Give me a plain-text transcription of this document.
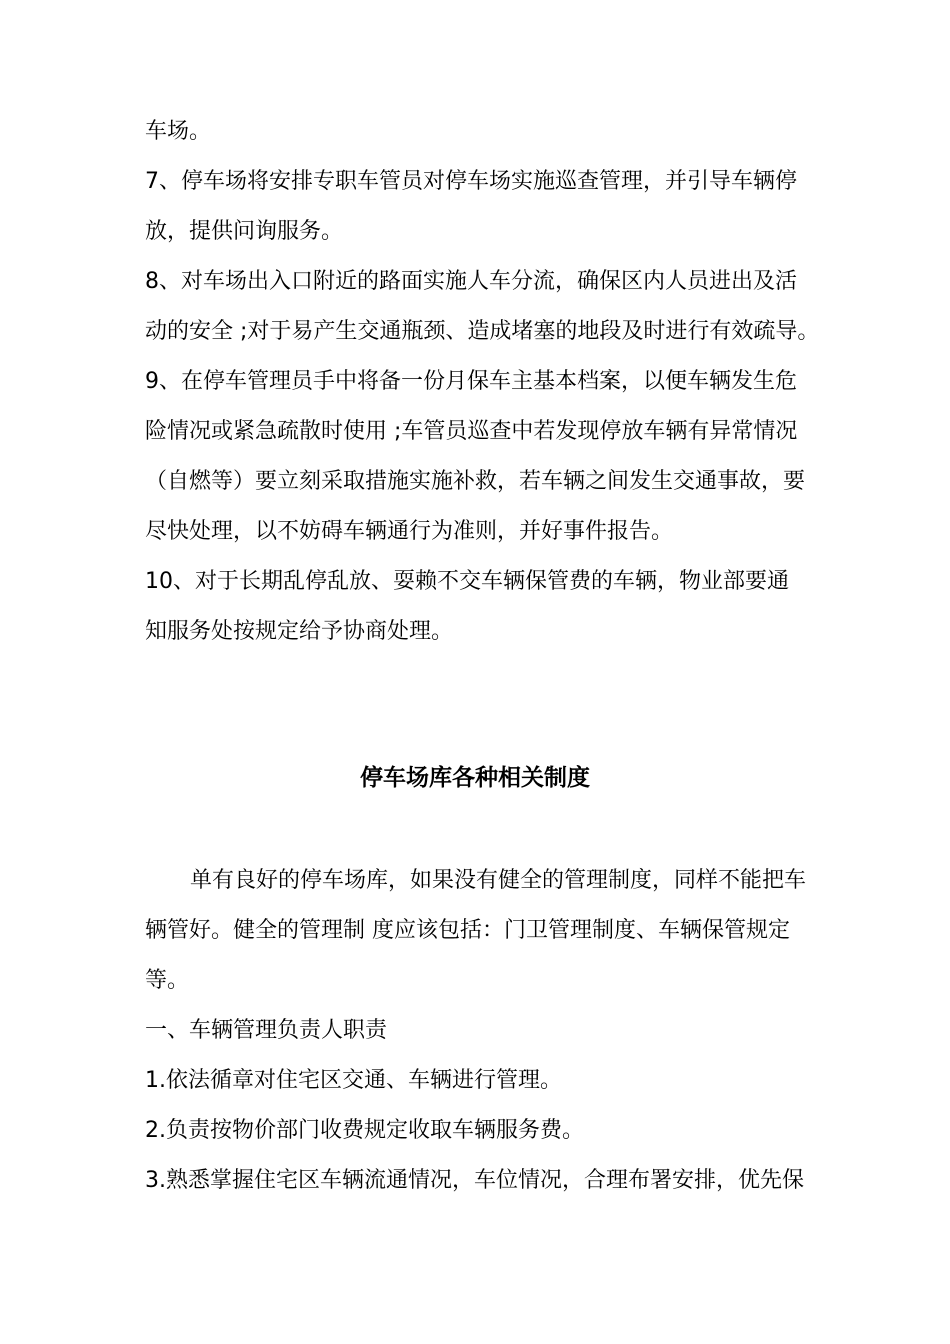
车场。
7、停车场将安排专职车管员对停车场实施巡查管理，并引导车辆停
放，提供问询服务。
8、对车场出入口附近的路面实施人车分流，确保区内人员进出及活
动的安全 ;对于易产生交通瓶颈、造成堵塞的地段及时进行有效疏导。
9、在停车管理员手中将备一份月保车主基本档案，以便车辆发生危
险情况或紧急疏散时使用 ;车管员巡查中若发现停放车辆有异常情况
（自燃等）要立刻采取措施实施补救，若车辆之间发生交通事故，要
尽快处理，以不妨碍车辆通行为准则，并好事件报告。
10、对于长期乱停乱放、耍赖不交车辆保管费的车辆，物业部要通
知服务处按规定给予协商处理。
停车场库各种相关制度
单有良好的停车场库，如果没有健全的管理制度，同样不能把车
辆管好。健全的管理制 度应该包括：门卫管理制度、车辆保管规定
等。
一、车辆管理负责人职责
1.依法循章对住宅区交通、车辆进行管理。
2.负责按物价部门收费规定收取车辆服务费。
3.熟悉掌握住宅区车辆流通情况，车位情况，合理布署安排，优先保
